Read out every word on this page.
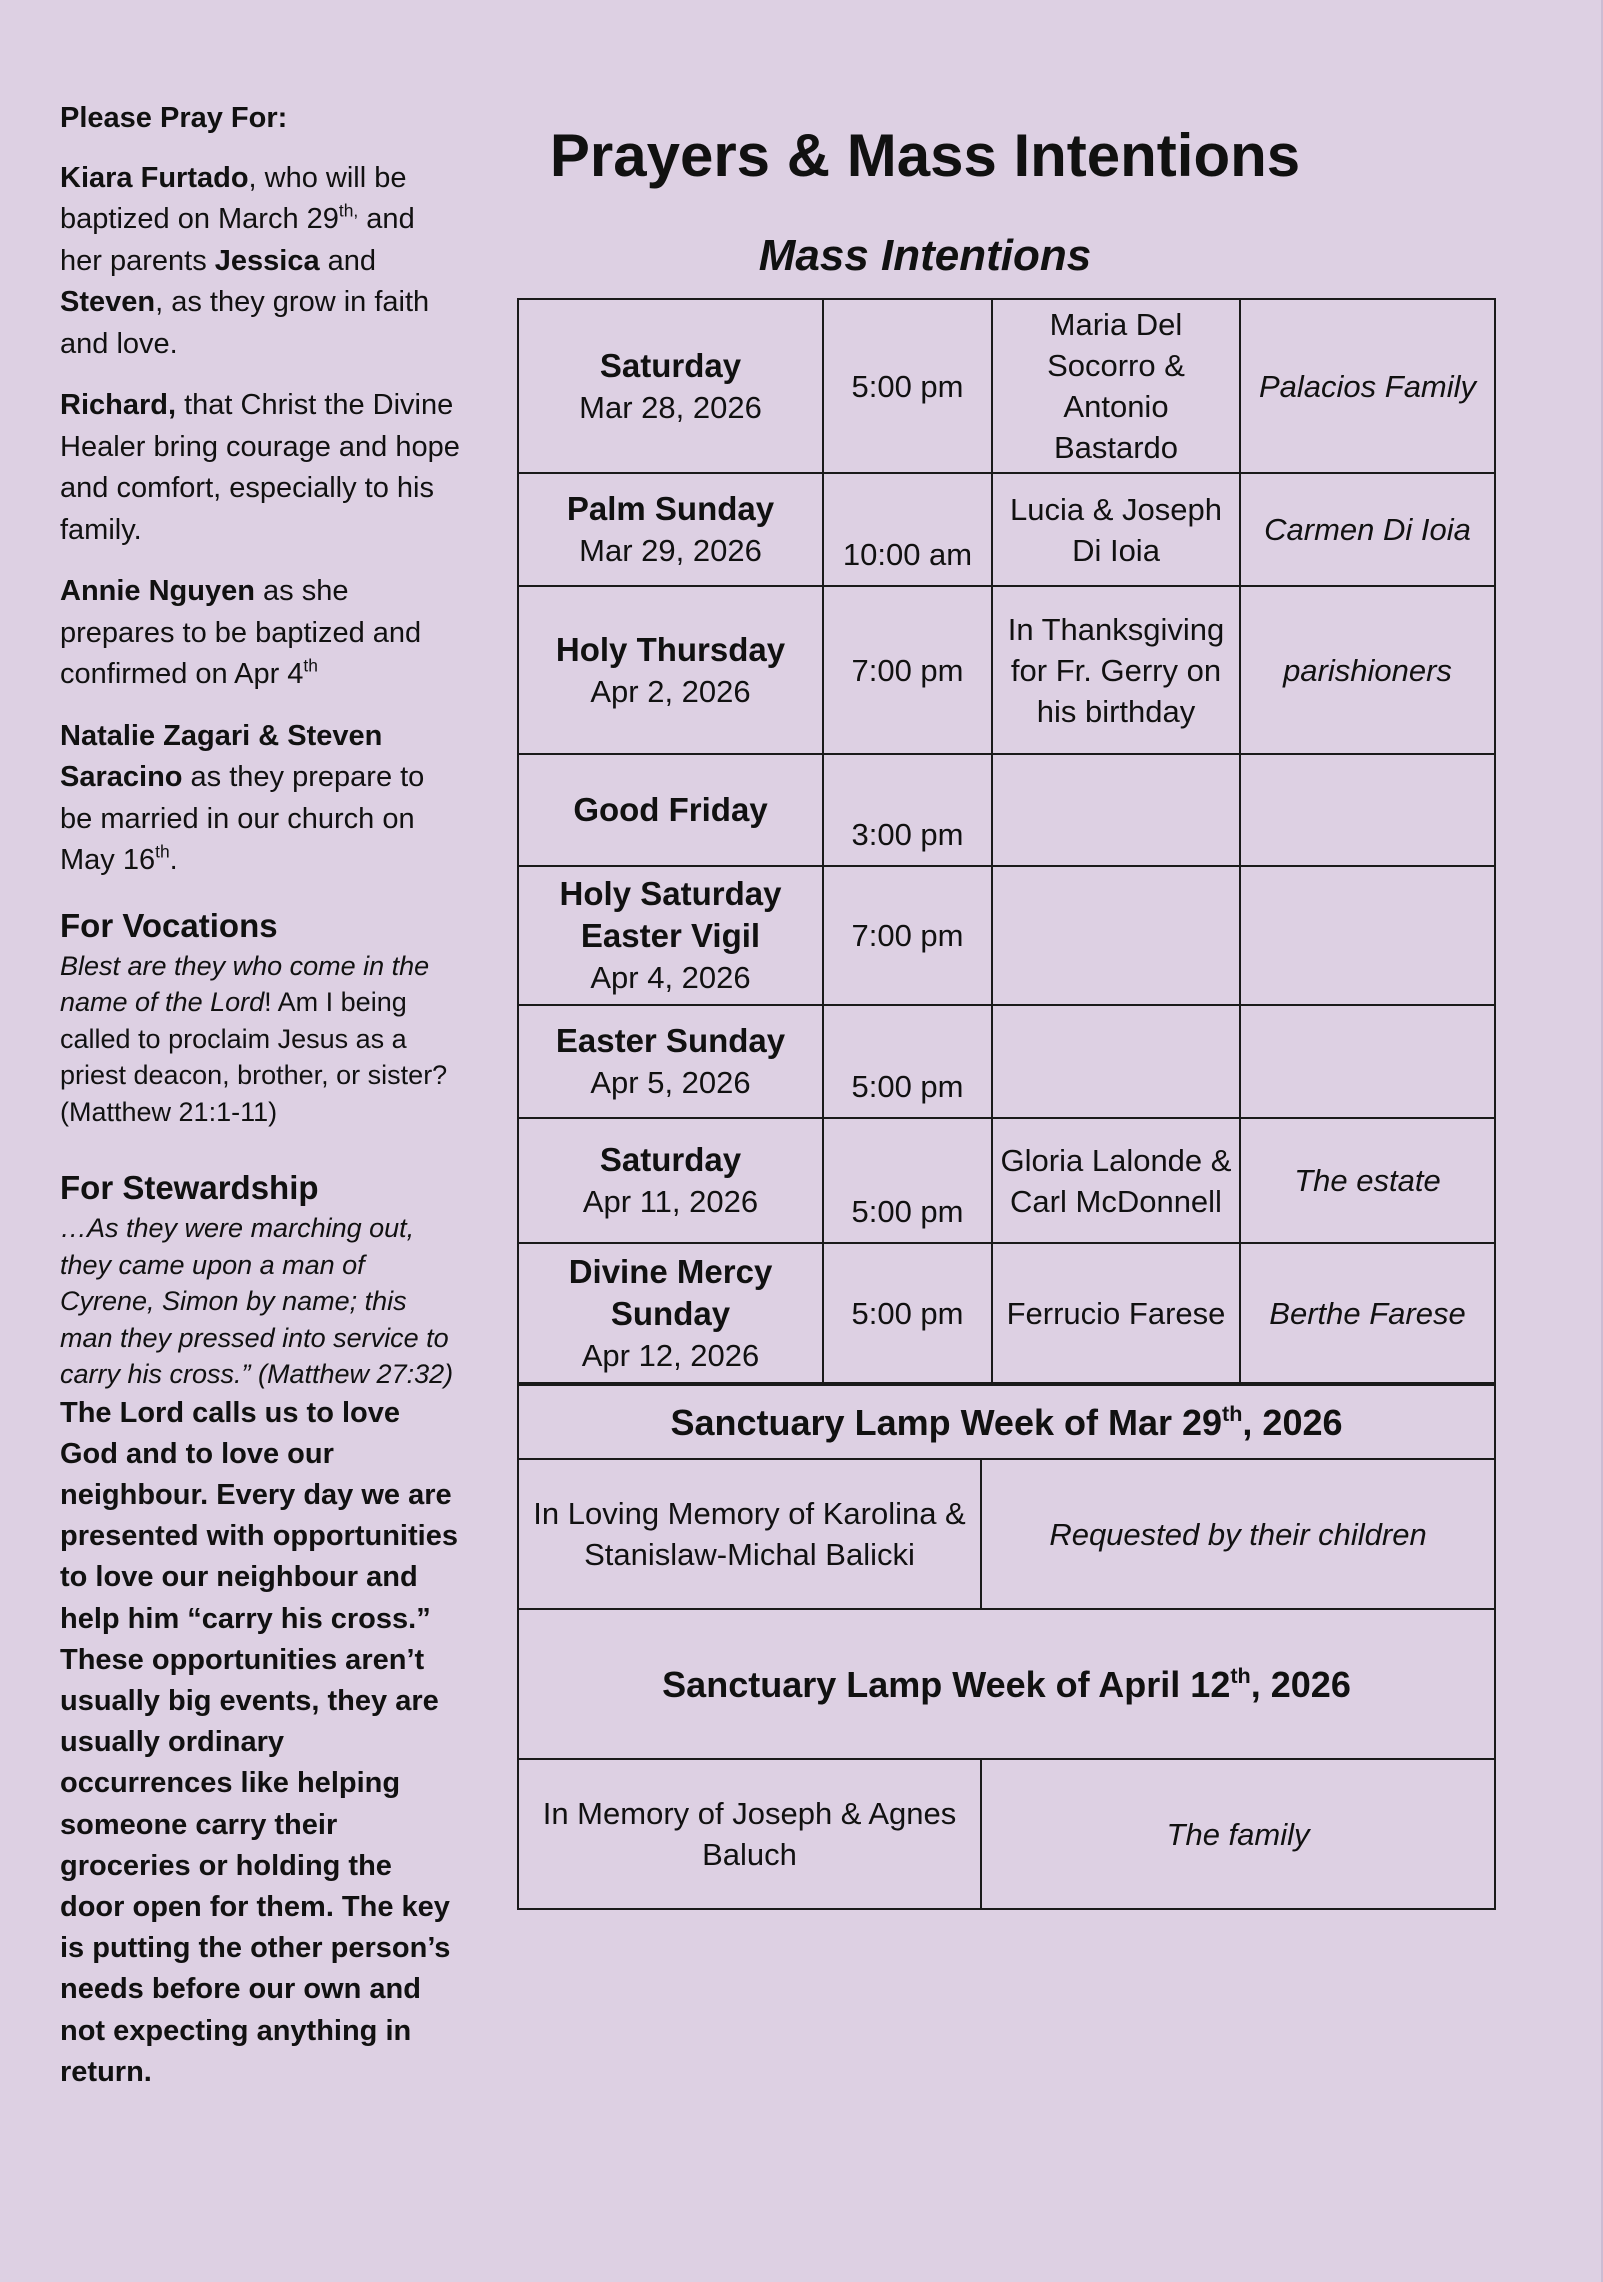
Please Pray For:

Kiara Furtado, who will be baptized on March $29^{th,}$ and her parents Jessica and Steven, as they grow in faith and love.

Richard, that Christ the Divine Healer bring courage and hope and comfort, especially to his family.

Annie Nguyen as she prepares to be baptized and confirmed on Apr 4th

Natalie Zagari & Steven Saracino as they prepare to be married in our church on May 16th.

For Vocations

Blest are they who come in the name of the Lord! Am I being called to proclaim Jesus as a priest deacon, brother, or sister? (Matthew 21:1-11)

For Stewardship

…As they were marching out, they came upon a man of Cyrene, Simon by name; this man they pressed into service to carry his cross.” (Matthew 27:32)

The Lord calls us to love God and to love our neighbour. Every day we are presented with opportunities to love our neighbour and help him “carry his cross.” These opportunities aren’t usually big events, they are usually ordinary occurrences like helping someone carry their groceries or holding the door open for them. The key is putting the other person’s needs before our own and not expecting anything in return.

Prayers & Mass Intentions
Mass Intentions
Saturday
Mar 28, 2026	5:00 pm	Maria Del Socorro & Antonio Bastardo	Palacios Family
Palm Sunday
Mar 29, 2026	10:00 am	Lucia & Joseph Di Ioia	Carmen Di Ioia
Holy Thursday
Apr 2, 2026	7:00 pm	In Thanksgiving for Fr. Gerry on his birthday	parishioners
Good Friday	3:00 pm		
Holy Saturday Easter Vigil
Apr 4, 2026	7:00 pm		
Easter Sunday
Apr 5, 2026	5:00 pm		
Saturday
Apr 11, 2026	5:00 pm	Gloria Lalonde & Carl McDonnell	The estate
Divine Mercy Sunday
Apr 12, 2026	5:00 pm	Ferrucio Farese	Berthe Farese
Sanctuary Lamp Week of Mar 29th, 2026	
In Loving Memory of Karolina & Stanislaw-Michal Balicki	Requested by their children
Sanctuary Lamp Week of April 12th, 2026	
In Memory of Joseph & Agnes Baluch	The family
